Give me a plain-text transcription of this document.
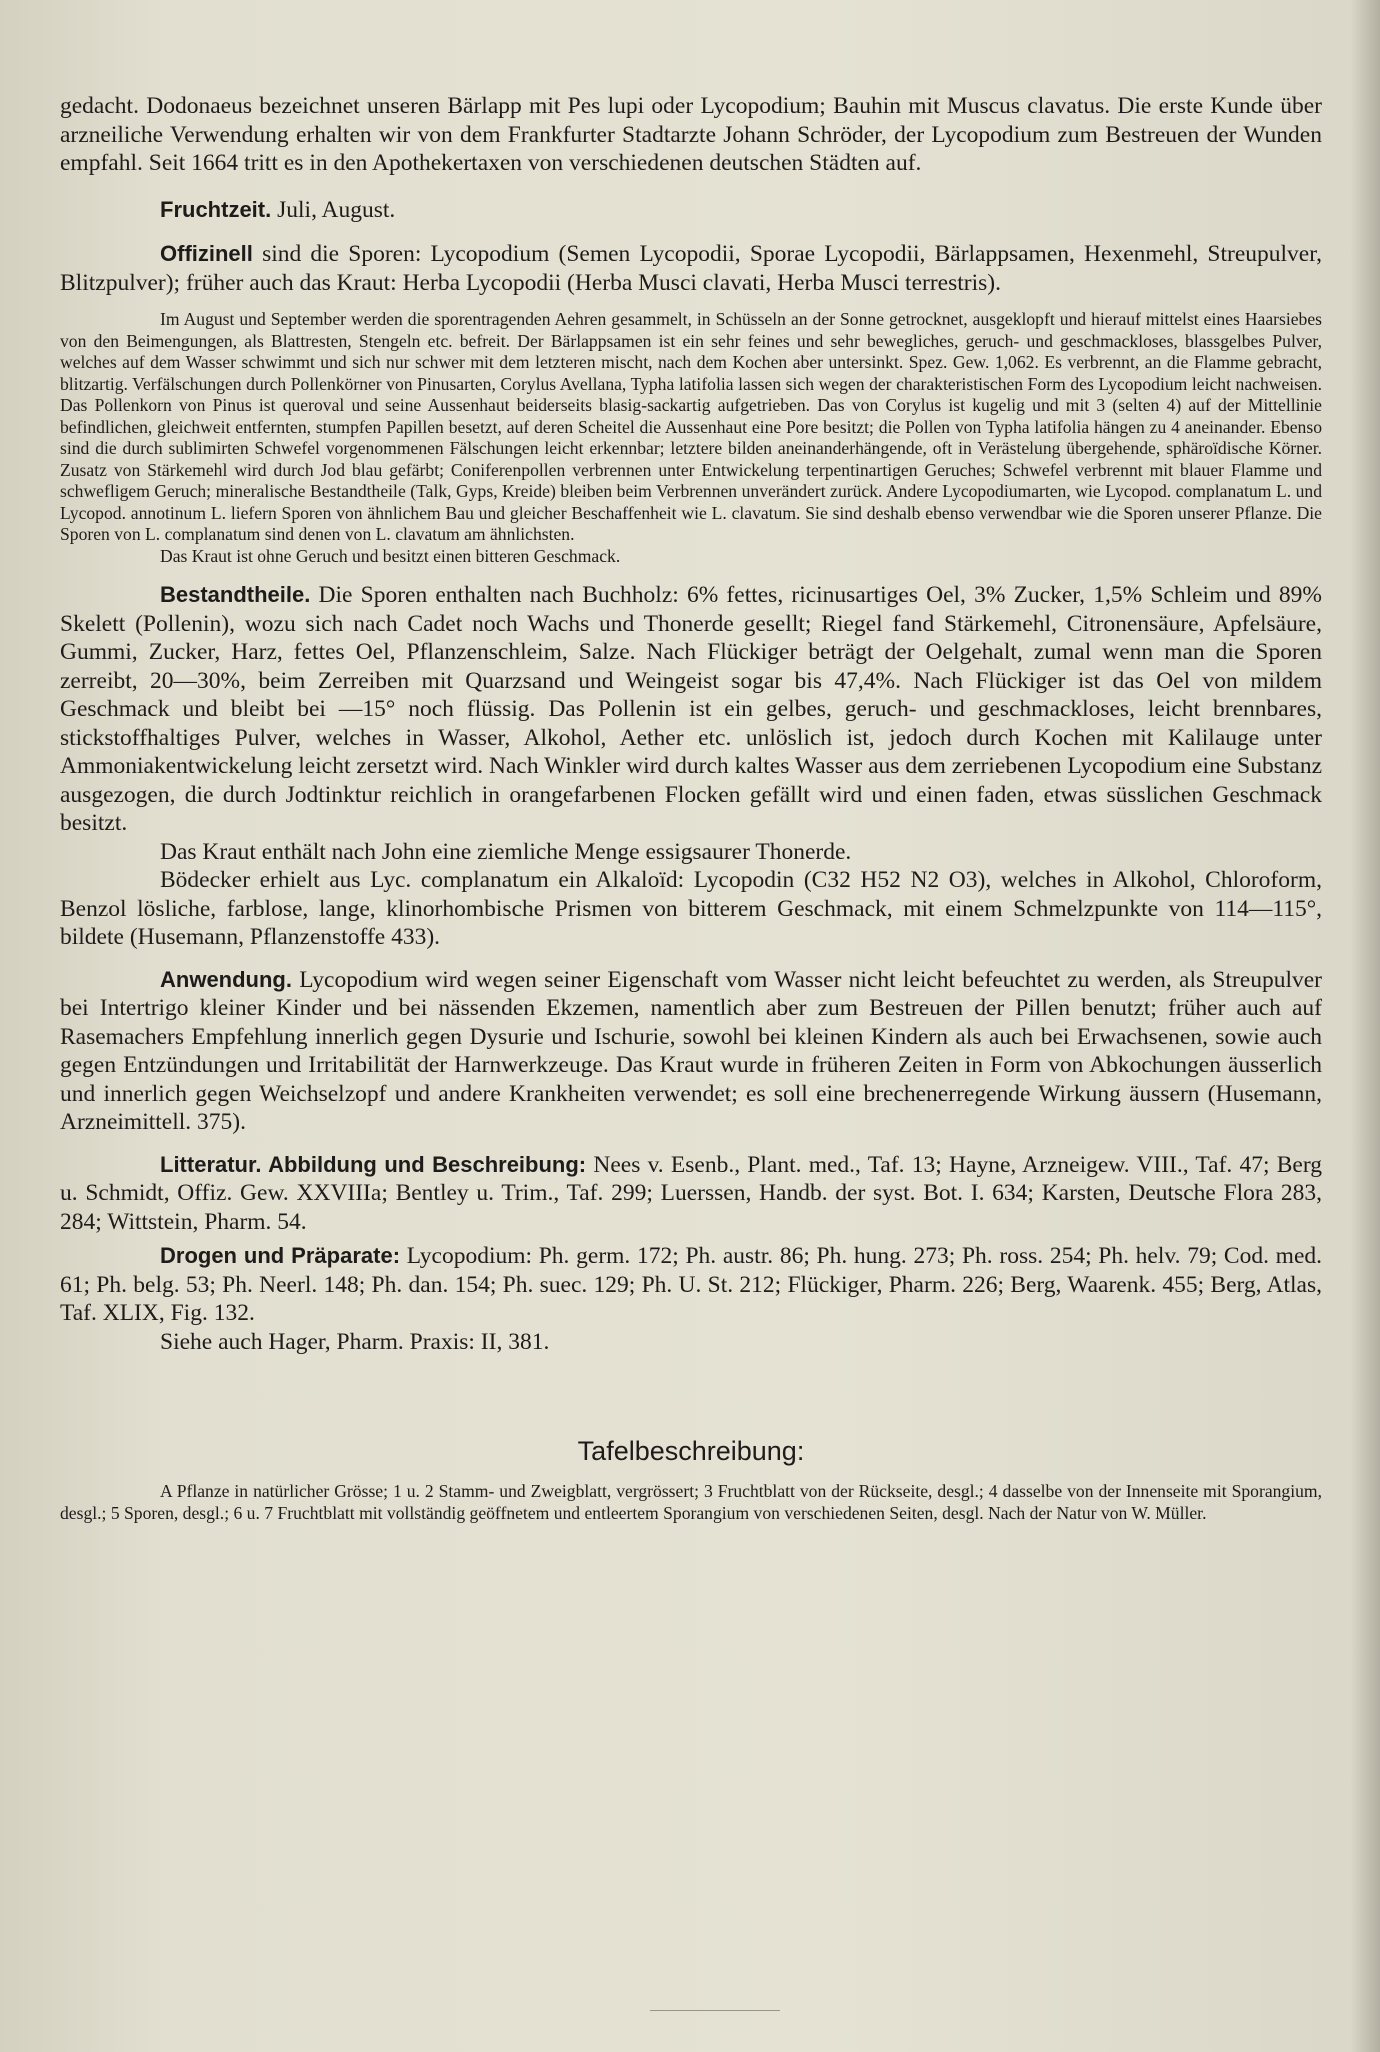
gedacht. Dodonaeus bezeichnet unseren Bärlapp mit Pes lupi oder Lycopodium; Bauhin mit Muscus clavatus. Die erste Kunde über arzneiliche Verwendung erhalten wir von dem Frankfurter Stadtarzte Johann Schröder, der Lycopodium zum Bestreuen der Wunden empfahl. Seit 1664 tritt es in den Apothekertaxen von verschiedenen deutschen Städten auf.

Fruchtzeit. Juli, August.

Offizinell sind die Sporen: Lycopodium (Semen Lycopodii, Sporae Lycopodii, Bärlappsamen, Hexenmehl, Streupulver, Blitzpulver); früher auch das Kraut: Herba Lycopodii (Herba Musci clavati, Herba Musci terrestris).

Im August und September werden die sporentragenden Aehren gesammelt, in Schüsseln an der Sonne getrocknet, ausgeklopft und hierauf mittelst eines Haarsiebes von den Beimengungen, als Blattresten, Stengeln etc. befreit. Der Bärlappsamen ist ein sehr feines und sehr bewegliches, geruch- und geschmackloses, blassgelbes Pulver, welches auf dem Wasser schwimmt und sich nur schwer mit dem letzteren mischt, nach dem Kochen aber untersinkt. Spez. Gew. 1,062. Es verbrennt, an die Flamme gebracht, blitzartig. Verfälschungen durch Pollenkörner von Pinusarten, Corylus Avellana, Typha latifolia lassen sich wegen der charakteristischen Form des Lycopodium leicht nachweisen. Das Pollenkorn von Pinus ist queroval und seine Aussenhaut beiderseits blasig-sackartig aufgetrieben. Das von Corylus ist kugelig und mit 3 (selten 4) auf der Mittellinie befindlichen, gleichweit entfernten, stumpfen Papillen besetzt, auf deren Scheitel die Aussenhaut eine Pore besitzt; die Pollen von Typha latifolia hängen zu 4 aneinander. Ebenso sind die durch sublimirten Schwefel vorgenommenen Fälschungen leicht erkennbar; letztere bilden aneinanderhängende, oft in Verästelung übergehende, sphäroïdische Körner. Zusatz von Stärkemehl wird durch Jod blau gefärbt; Coniferenpollen verbrennen unter Entwickelung terpentinartigen Geruches; Schwefel verbrennt mit blauer Flamme und schwefligem Geruch; mineralische Bestandtheile (Talk, Gyps, Kreide) bleiben beim Verbrennen unverändert zurück. Andere Lycopodiumarten, wie Lycopod. complanatum L. und Lycopod. annotinum L. liefern Sporen von ähnlichem Bau und gleicher Beschaffenheit wie L. clavatum. Sie sind deshalb ebenso verwendbar wie die Sporen unserer Pflanze. Die Sporen von L. complanatum sind denen von L. clavatum am ähnlichsten.

Das Kraut ist ohne Geruch und besitzt einen bitteren Geschmack.

Bestandtheile. Die Sporen enthalten nach Buchholz: 6% fettes, ricinusartiges Oel, 3% Zucker, 1,5% Schleim und 89% Skelett (Pollenin), wozu sich nach Cadet noch Wachs und Thonerde gesellt; Riegel fand Stärkemehl, Citronensäure, Apfelsäure, Gummi, Zucker, Harz, fettes Oel, Pflanzenschleim, Salze. Nach Flückiger beträgt der Oelgehalt, zumal wenn man die Sporen zerreibt, 20—30%, beim Zerreiben mit Quarzsand und Weingeist sogar bis 47,4%. Nach Flückiger ist das Oel von mildem Geschmack und bleibt bei —15° noch flüssig. Das Pollenin ist ein gelbes, geruch- und geschmackloses, leicht brennbares, stickstoffhaltiges Pulver, welches in Wasser, Alkohol, Aether etc. unlöslich ist, jedoch durch Kochen mit Kalilauge unter Ammoniakentwickelung leicht zersetzt wird. Nach Winkler wird durch kaltes Wasser aus dem zerriebenen Lycopodium eine Substanz ausgezogen, die durch Jodtinktur reichlich in orangefarbenen Flocken gefällt wird und einen faden, etwas süsslichen Geschmack besitzt.

Das Kraut enthält nach John eine ziemliche Menge essigsaurer Thonerde.

Bödecker erhielt aus Lyc. complanatum ein Alkaloïd: Lycopodin (C32 H52 N2 O3), welches in Alkohol, Chloroform, Benzol lösliche, farblose, lange, klinorhombische Prismen von bitterem Geschmack, mit einem Schmelzpunkte von 114—115°, bildete (Husemann, Pflanzenstoffe 433).

Anwendung. Lycopodium wird wegen seiner Eigenschaft vom Wasser nicht leicht befeuchtet zu werden, als Streupulver bei Intertrigo kleiner Kinder und bei nässenden Ekzemen, namentlich aber zum Bestreuen der Pillen benutzt; früher auch auf Rasemachers Empfehlung innerlich gegen Dysurie und Ischurie, sowohl bei kleinen Kindern als auch bei Erwachsenen, sowie auch gegen Entzündungen und Irritabilität der Harnwerkzeuge. Das Kraut wurde in früheren Zeiten in Form von Abkochungen äusserlich und innerlich gegen Weichselzopf und andere Krankheiten verwendet; es soll eine brechenerregende Wirkung äussern (Husemann, Arzneimittell. 375).

Litteratur. Abbildung und Beschreibung: Nees v. Esenb., Plant. med., Taf. 13; Hayne, Arzneigew. VIII., Taf. 47; Berg u. Schmidt, Offiz. Gew. XXVIIIa; Bentley u. Trim., Taf. 299; Luerssen, Handb. der syst. Bot. I. 634; Karsten, Deutsche Flora 283, 284; Wittstein, Pharm. 54.

Drogen und Präparate: Lycopodium: Ph. germ. 172; Ph. austr. 86; Ph. hung. 273; Ph. ross. 254; Ph. helv. 79; Cod. med. 61; Ph. belg. 53; Ph. Neerl. 148; Ph. dan. 154; Ph. suec. 129; Ph. U. St. 212; Flückiger, Pharm. 226; Berg, Waarenk. 455; Berg, Atlas, Taf. XLIX, Fig. 132.

Siehe auch Hager, Pharm. Praxis: II, 381.

Tafelbeschreibung:

A Pflanze in natürlicher Grösse; 1 u. 2 Stamm- und Zweigblatt, vergrössert; 3 Fruchtblatt von der Rückseite, desgl.; 4 dasselbe von der Innenseite mit Sporangium, desgl.; 5 Sporen, desgl.; 6 u. 7 Fruchtblatt mit vollständig geöffnetem und entleertem Sporangium von verschiedenen Seiten, desgl. Nach der Natur von W. Müller.
